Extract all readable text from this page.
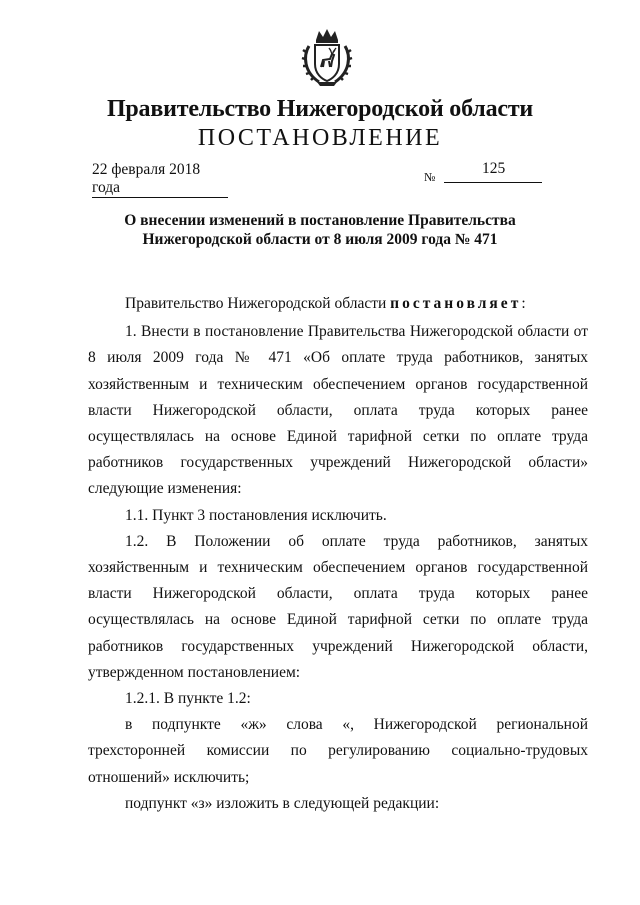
Правительство Нижегородской области
ПОСТАНОВЛЕНИЕ
22 февраля 2018 года
№	125
О внесении изменений в постановление Правительства
Нижегородской области от 8 июля 2009 года № 471

Правительство Нижегородской области постановляет:

1. Внести в постановление Правительства Нижегородской области от 8 июля 2009 года № 471 «Об оплате труда работников, занятых хозяйственным и техническим обеспечением органов государственной власти Нижегородской области, оплата труда которых ранее осуществлялась на основе Единой тарифной сетки по оплате труда работников государственных учреждений Нижегородской области» следующие изменения:

1.1. Пункт 3 постановления исключить.

1.2. В Положении об оплате труда работников, занятых хозяйственным и техническим обеспечением органов государственной власти Нижегородской области, оплата труда которых ранее осуществлялась на основе Единой тарифной сетки по оплате труда работников государственных учреждений Нижегородской области, утвержденном постановлением:

1.2.1. В пункте 1.2:

в подпункте «ж» слова «, Нижегородской региональной трехсторонней комиссии по регулированию социально-трудовых отношений» исключить;

подпункт «з» изложить в следующей редакции:
